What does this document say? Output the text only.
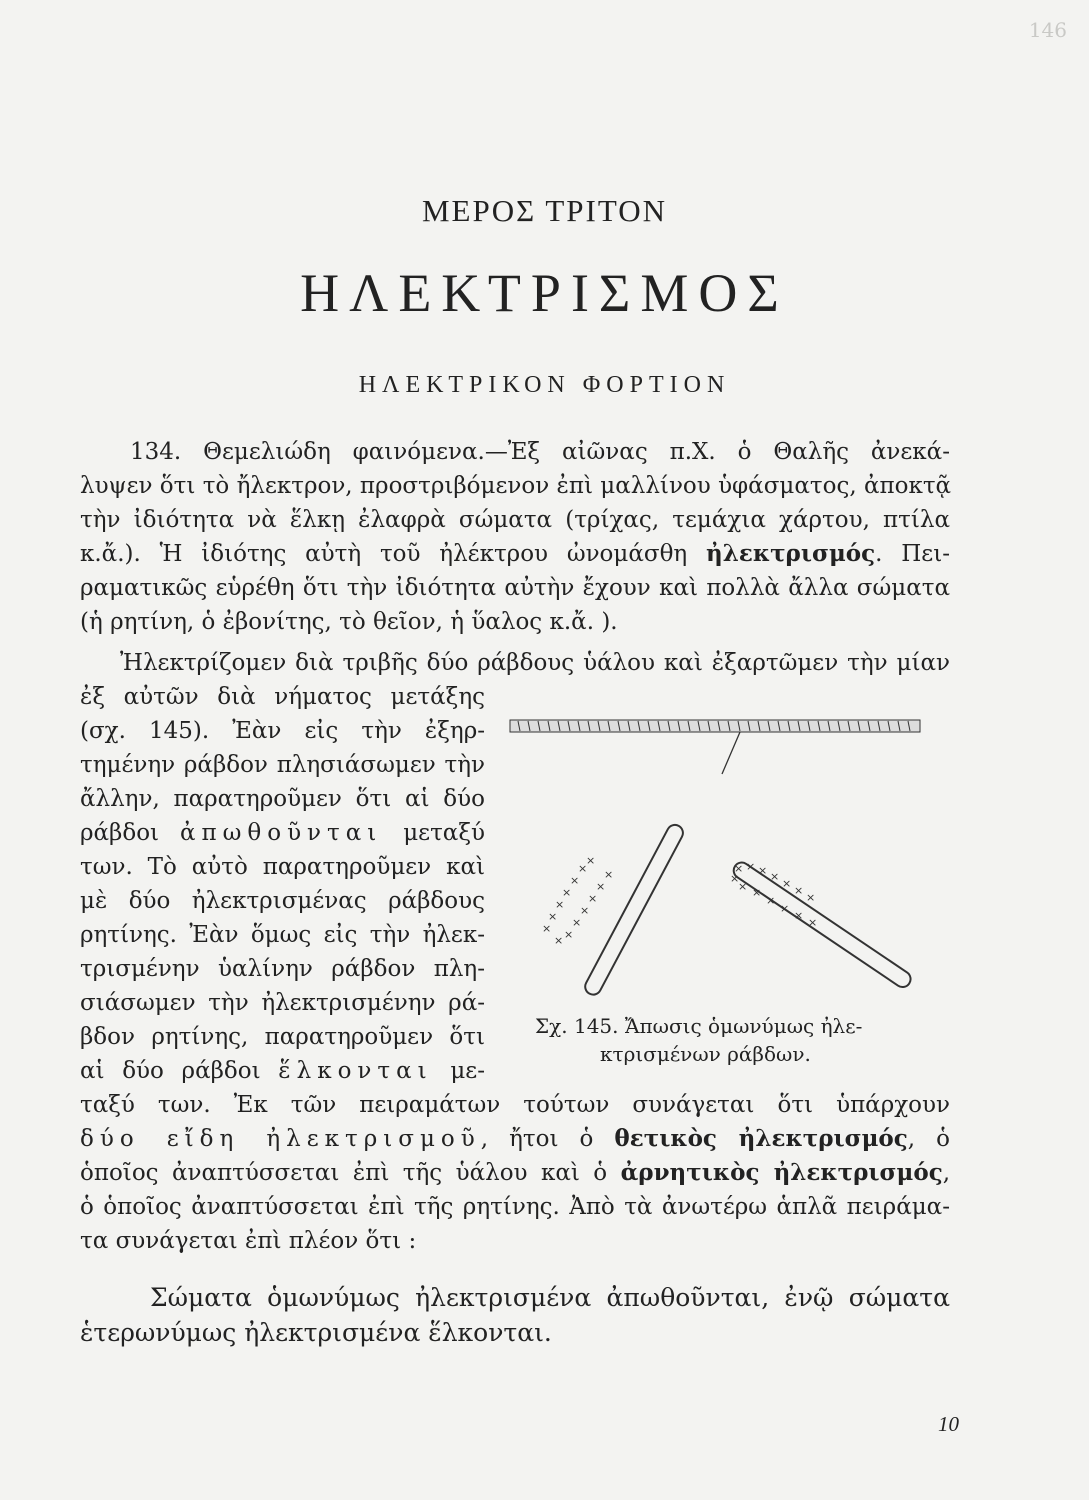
146
ΜΕΡΟΣ ΤΡΙΤΟΝ
ΗΛΕΚΤΡΙΣΜΟΣ
ΗΛΕΚΤΡΙΚΟΝ ΦΟΡΤΙΟΝ
134. Θεμελιώδη φαινόμενα.—Ἐξ αἰῶνας π.Χ. ὁ Θαλῆς ἀνεκά-
λυψεν ὅτι τὸ ἤλεκτρον, προστριβόμενον ἐπὶ μαλλίνου ὑφάσματος, ἀποκτᾷ
τὴν ἰδιότητα νὰ ἕλκῃ ἐλαφρὰ σώματα (τρίχας, τεμάχια χάρτου, πτίλα
κ.ἄ.). Ἡ ἰδιότης αὐτὴ τοῦ ἠλέκτρου ὠνομάσθη ἠλεκτρισμός. Πει-
ραματικῶς εὑρέθη ὅτι τὴν ἰδιότητα αὐτὴν ἔχουν καὶ πολλὰ ἄλλα σώματα
(ἡ ρητίνη, ὁ ἐβονίτης, τὸ θεῖον, ἡ ὕαλος κ.ἄ. ).
Ἠλεκτρίζομεν διὰ τριβῆς δύο ράβδους ὑάλου καὶ ἐξαρτῶμεν τὴν μίαν
ἐξ αὐτῶν διὰ νήματος μετάξης
(σχ. 145). Ἐὰν εἰς τὴν ἐξηρ-
τημένην ράβδον πλησιάσωμεν τὴν
ἄλλην, παρατηροῦμεν ὅτι αἱ δύο
ράβδοι ἀπωθοῦνται μεταξύ
των. Τὸ αὐτὸ παρατηροῦμεν καὶ
μὲ δύο ἠλεκτρισμένας ράβδους
ρητίνης. Ἐὰν ὅμως εἰς τὴν ἠλεκ-
τρισμένην ὑαλίνην ράβδον πλη-
σιάσωμεν τὴν ἠλεκτρισμένην ρά-
βδον ρητίνης, παρατηροῦμεν ὅτι
αἱ δύο ράβδοι ἕλκονται με-
ταξύ των. Ἐκ τῶν πειραμάτων τούτων συνάγεται ὅτι ὑπάρχουν
δύο εἴδη ἠλεκτρισμοῦ, ἤτοι ὁ θετικὸς ἠλεκτρισμός, ὁ
ὁποῖος ἀναπτύσσεται ἐπὶ τῆς ὑάλου καὶ ὁ ἀρνητικὸς ἠλεκτρισμός,
ὁ ὁποῖος ἀναπτύσσεται ἐπὶ τῆς ρητίνης. Ἀπὸ τὰ ἀνωτέρω ἁπλᾶ πειράμα-
τα συνάγεται ἐπὶ πλέον ὅτι :
Σώματα ὁμωνύμως ἠλεκτρισμένα ἀπωθοῦνται, ἐνῷ σώματα
ἑτερωνύμως ἠλεκτρισμένα ἕλκονται.
×
×
×
×
×
×
×
×
×
×
×
×
×
×
× × × ×
×
×
×
× ×
×
×
×
×
×
Σχ. 145. Ἄπωσις ὁμωνύμως ἠλε-
κτρισμένων ράβδων.
10
